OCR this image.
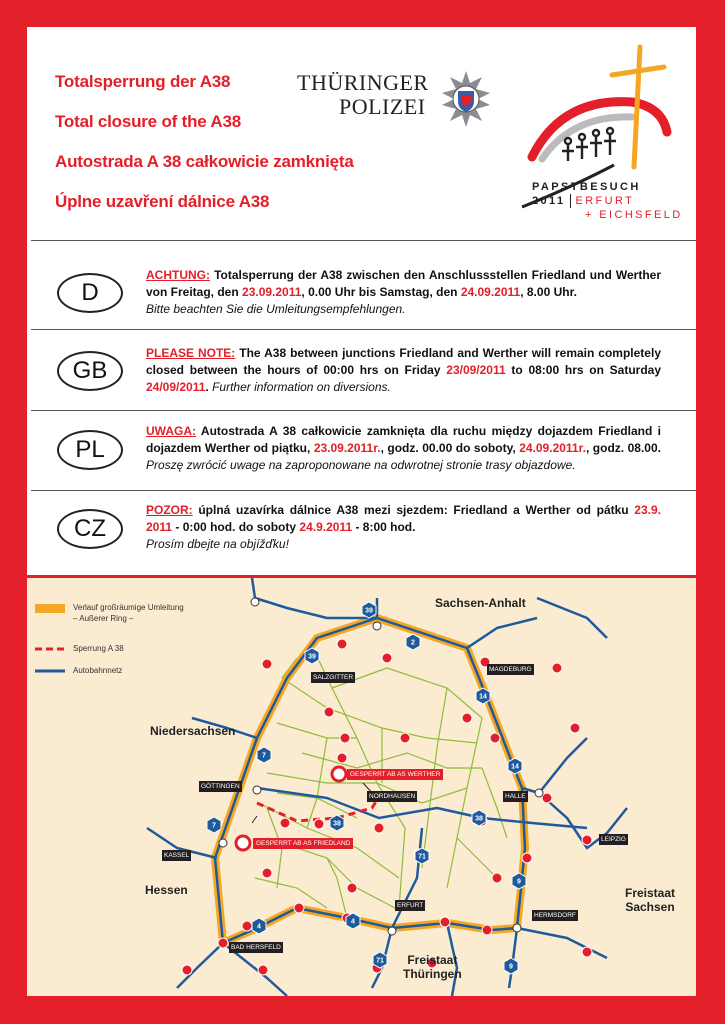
Totalsperrung der A38
Total closure of the A38
Autostrada A 38 całkowicie zamknięta
Úplne uzavření dálnice A38
THÜRINGER
POLIZEI
PAPSTBESUCH
2011 ERFURT
+ EICHSFELD
D
ACHTUNG: Totalsperrung der A38 zwischen den Anschlussstellen Friedland und Werther von Freitag, den 23.09.2011, 0.00 Uhr bis Samstag, den 24.09.2011, 8.00 Uhr.
Bitte beachten Sie die Umleitungsempfehlungen.
GB
PLEASE NOTE: The A38 between junctions Friedland and Werther will remain completely closed between the hours of 00:00 hrs on Friday 23/09/2011 to 08:00 hrs on Saturday 24/09/2011. Further information on diversions.
PL
UWAGA: Autostrada A 38 całkowicie zamknięta dla ruchu między dojazdem Friedland i dojazdem Werther od piątku, 23.09.2011r., godz. 00.00 do soboty, 24.09.2011r., godz. 08.00. Proszę zwrócić uwage na zaproponowane na odwrotnej stronie trasy objazdowe.
CZ
POZOR: úplná uzavírka dálnice A38 mezi sjezdem: Friedland a Werther od pátku 23.9. 2011 - 0:00 hod. do soboty 24.9.2011 - 8:00 hod.
Prosím dbejte na objížďku!
39
2
39
14
14
7
38
38
7
71
9
4
4
71
9
Verlauf großräumige Umleitung
– Außerer Ring –
Sperrung A 38
Autobahnnetz
Sachsen-Anhalt
Niedersachsen
Hessen	Freistaat
Sachsen
Freistaat
Thüringen
SALZGITTER
MAGDEBURG
GÖTTINGEN
NORDHAUSEN	HALLE
LEIPZIG
KASSEL
ERFURT
HERMSDORF
BAD HERSFELD
GESPERRT AB AS WERTHER
GESPERRT AB AS FRIEDLAND
